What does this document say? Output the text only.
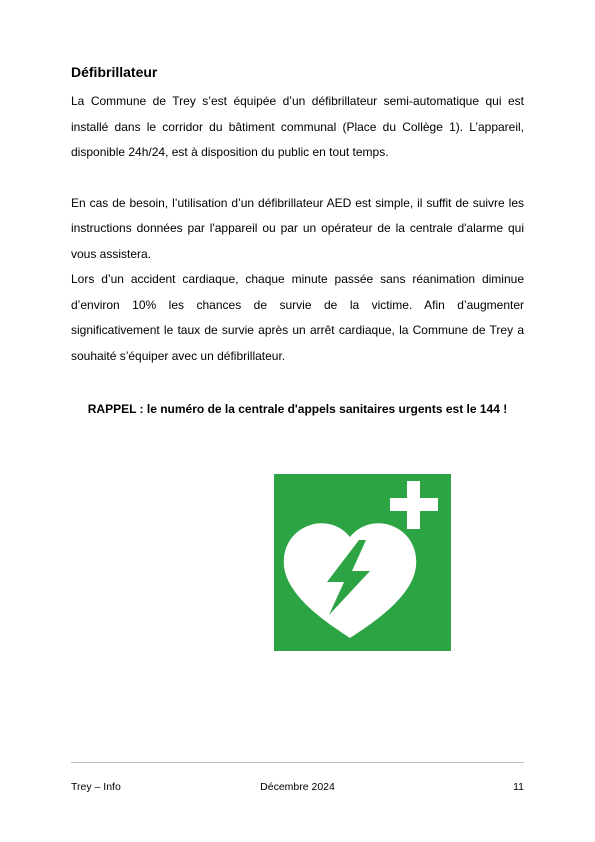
Défibrillateur

La Commune de Trey s’est équipée d’un défibrillateur semi-automatique qui est installé dans le corridor du bâtiment communal (Place du Collège 1). L’appareil, disponible 24h/24, est à disposition du public en tout temps.

En cas de besoin, l’utilisation d’un défibrillateur AED est simple, il suffit de suivre les instructions données par l'appareil ou par un opérateur de la centrale d'alarme qui vous assistera.

Lors d’un accident cardiaque, chaque minute passée sans réanimation diminue d’environ 10% les chances de survie de la victime. Afin d’augmenter significativement le taux de survie après un arrêt cardiaque, la Commune de Trey a souhaité s’équiper avec un défibrillateur.

RAPPEL : le numéro de la centrale d'appels sanitaires urgents est le 144 !
Trey – Info	Décembre 2024	11
